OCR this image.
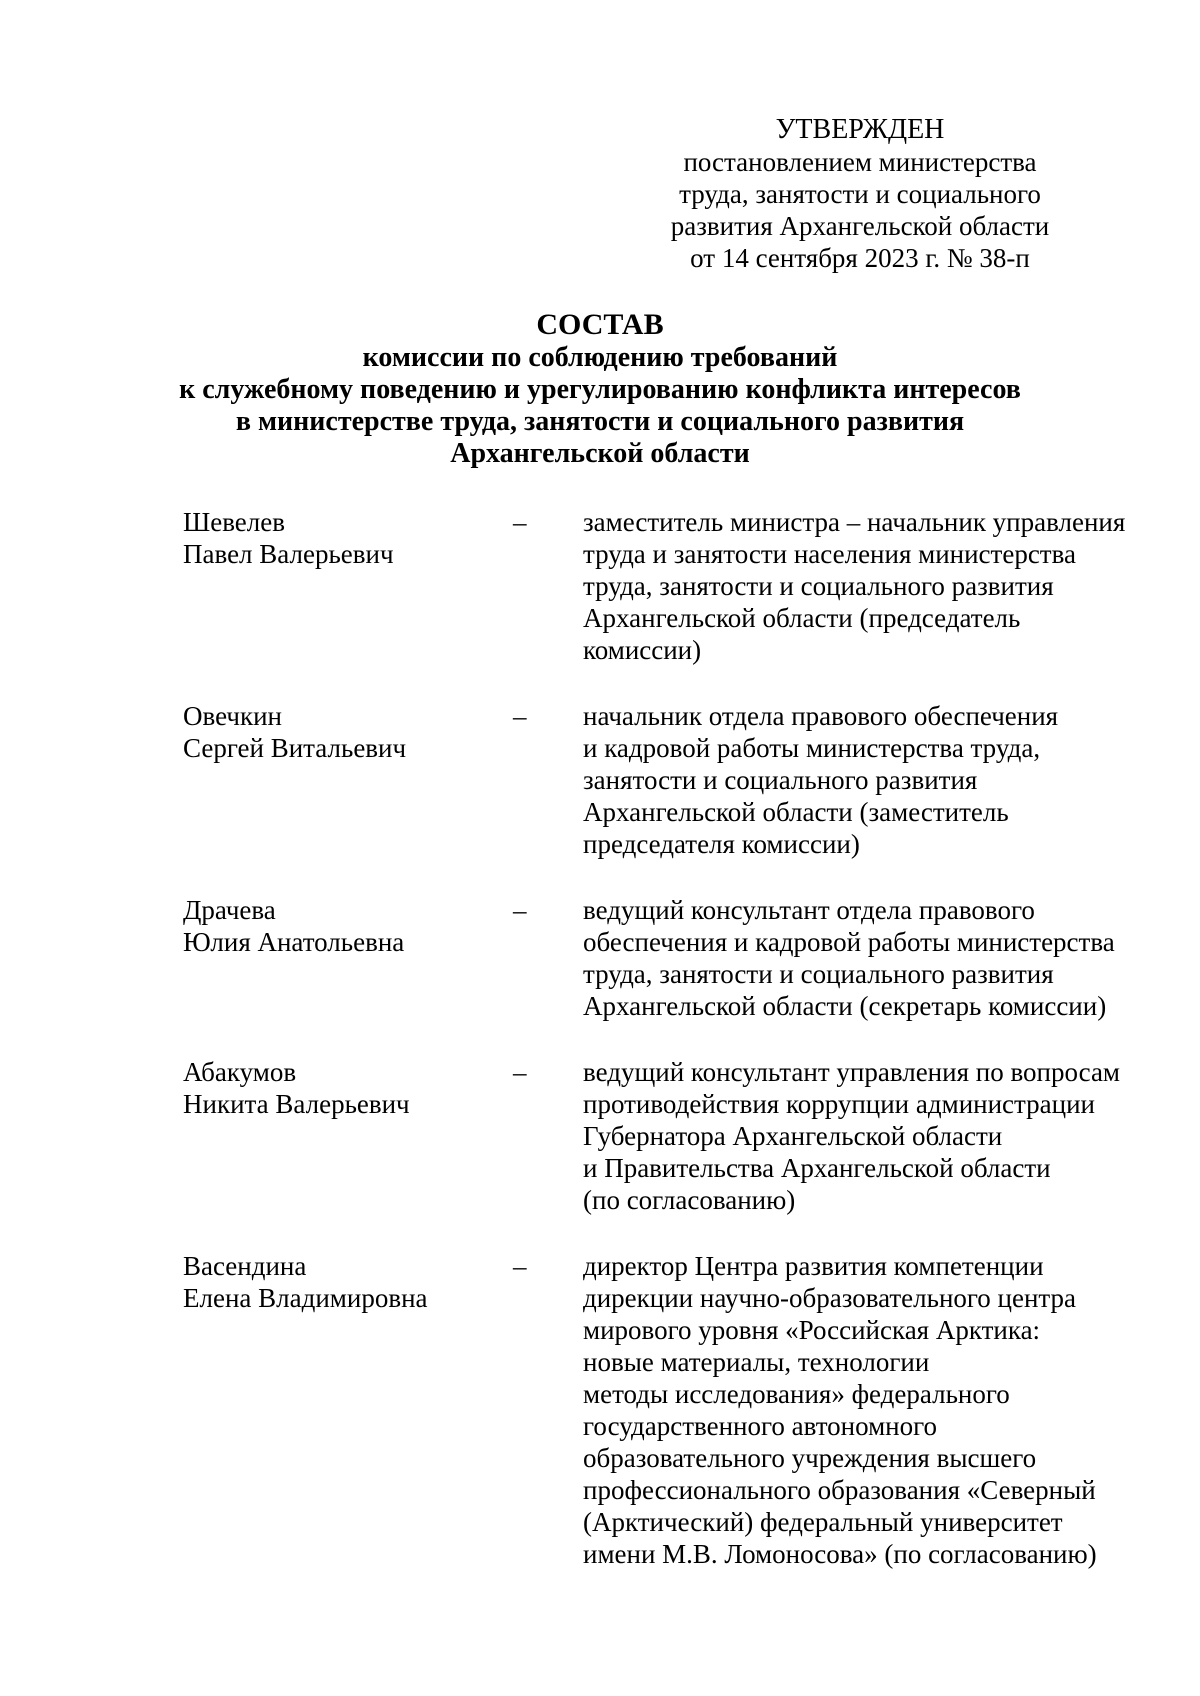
УТВЕРЖДЕН
постановлением министерства
труда, занятости и социального
развития Архангельской области
от 14 сентября 2023 г. № 38-п
СОСТАВ
комиссии по соблюдению требований
к служебному поведению и урегулированию конфликта интересов
в министерстве труда, занятости и социального развития
Архангельской области
Шевелев
Павел Валерьевич
–	заместитель министра – начальник управления
труда и занятости населения министерства
труда, занятости и социального развития
Архангельской области (председатель
комиссии)
Овечкин
Сергей Витальевич
–	начальник отдела правового обеспечения
и кадровой работы министерства труда,
занятости и социального развития
Архангельской области (заместитель
председателя комиссии)
Драчева
Юлия Анатольевна
–	ведущий консультант отдела правового
обеспечения и кадровой работы министерства
труда, занятости и социального развития
Архангельской области (секретарь комиссии)
Абакумов
Никита Валерьевич
–	ведущий консультант управления по вопросам
противодействия коррупции администрации
Губернатора Архангельской области
и Правительства Архангельской области
(по согласованию)
Васендина
Елена Владимировна
–	директор Центра развития компетенции
дирекции научно-образовательного центра
мирового уровня «Российская Арктика:
новые материалы, технологии
методы исследования» федерального
государственного автономного
образовательного учреждения высшего
профессионального образования «Северный
(Арктический) федеральный университет
имени М.В. Ломоносова» (по согласованию)
